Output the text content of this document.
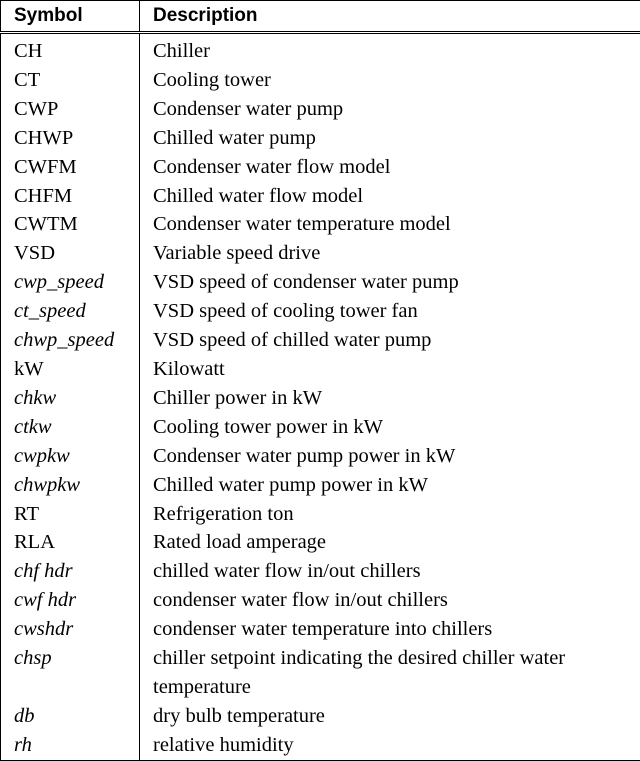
Symbol	Description
CH	Chiller
CT	Cooling tower
CWP	Condenser water pump
CHWP	Chilled water pump
CWFM	Condenser water flow model
CHFM	Chilled water flow model
CWTM	Condenser water temperature model
VSD	Variable speed drive
cwp_speed	VSD speed of condenser water pump
ct_speed	VSD speed of cooling tower fan
chwp_speed	VSD speed of chilled water pump
kW	Kilowatt
chkw	Chiller power in kW
ctkw	Cooling tower power in kW
cwpkw	Condenser water pump power in kW
chwpkw	Chilled water pump power in kW
RT	Refrigeration ton
RLA	Rated load amperage
chf hdr	chilled water flow in/out chillers
cwf hdr	condenser water flow in/out chillers
cwshdr	condenser water temperature into chillers
chsp	chiller setpoint indicating the desired chiller water
	temperature
db	dry bulb temperature
rh	relative humidity
